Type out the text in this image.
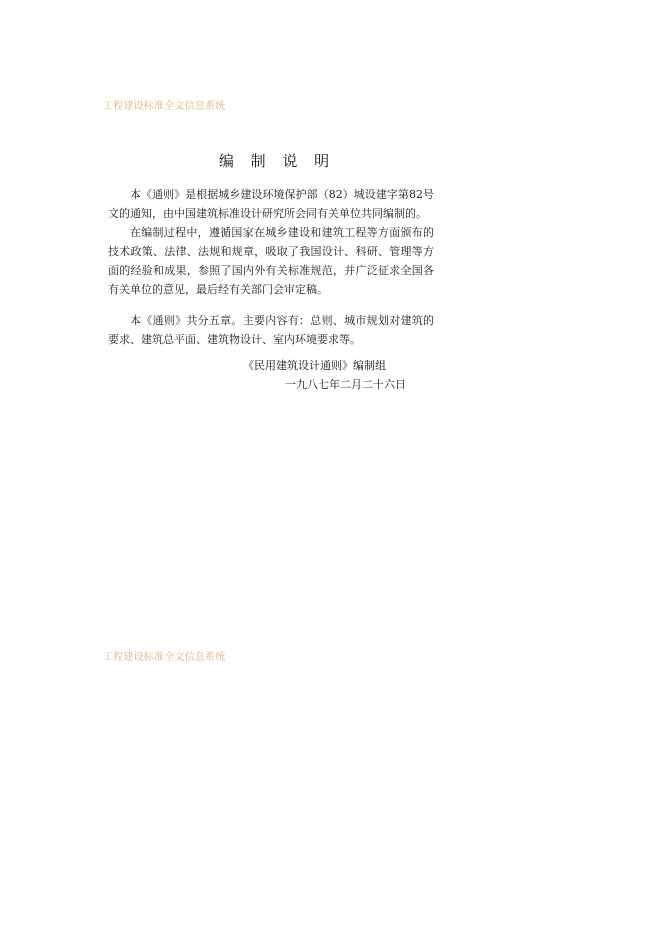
工程建设标准全文信息系统
编 制 说 明

本《通则》是根据城乡建设环境保护部（82）城设建字第82号文的通知，由中国建筑标准设计研究所会同有关单位共同编制的。

在编制过程中，遵循国家在城乡建设和建筑工程等方面颁布的技术政策、法律、法规和规章，吸取了我国设计、科研、管理等方面的经验和成果，参照了国内外有关标准规范，并广泛征求全国各有关单位的意见，最后经有关部门会审定稿。

本《通则》共分五章。主要内容有：总则、城市规划对建筑的要求、建筑总平面、建筑物设计、室内环境要求等。

《民用建筑设计通则》编制组
一九八七年二月二十六日
工程建设标准全文信息系统
